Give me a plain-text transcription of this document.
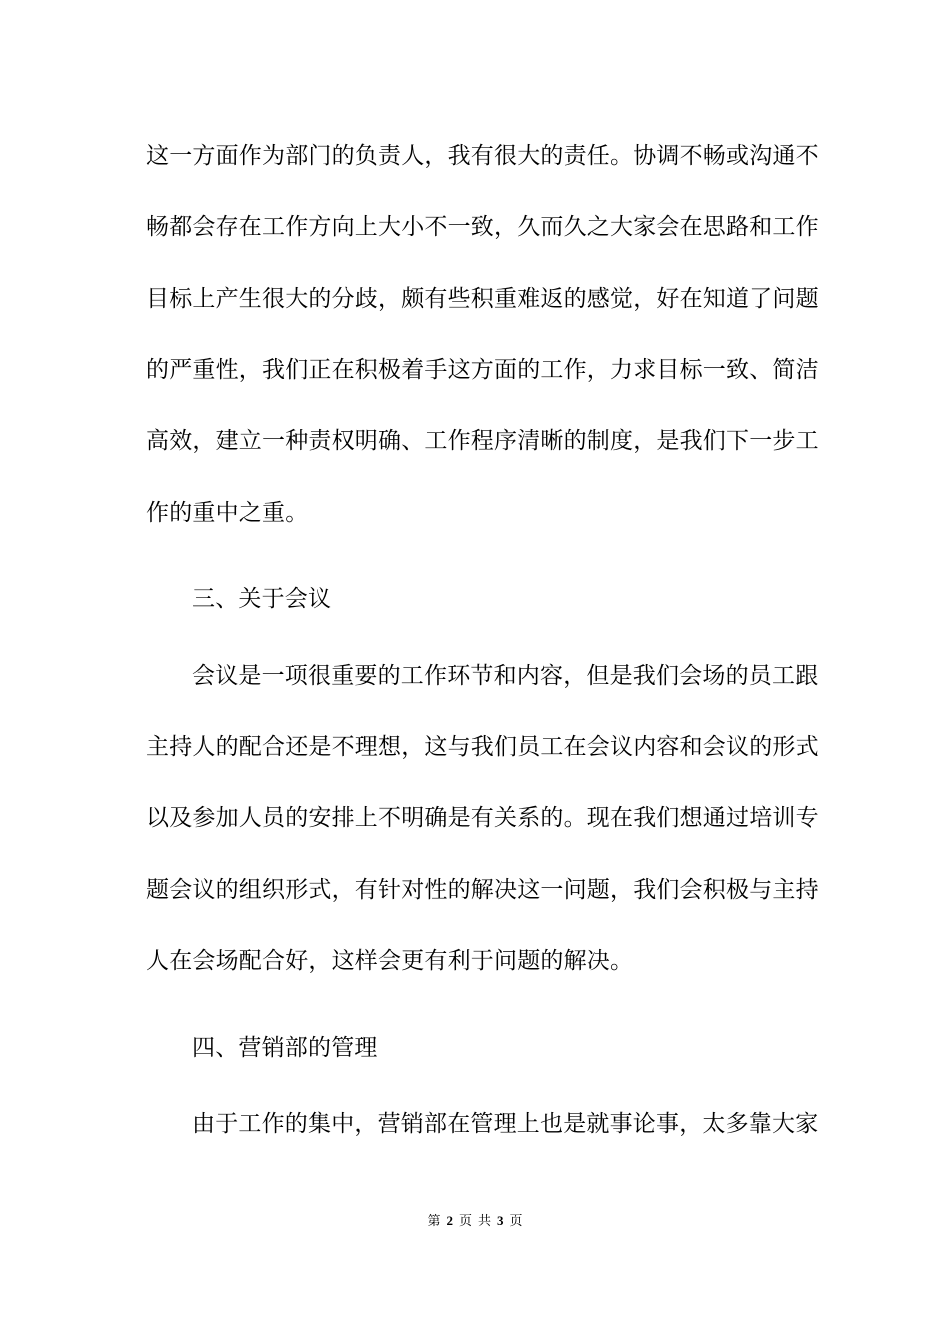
这一方面作为部门的负责人，我有很大的责任。协调不畅或沟通不
畅都会存在工作方向上大小不一致，久而久之大家会在思路和工作
目标上产生很大的分歧，颇有些积重难返的感觉，好在知道了问题
的严重性，我们正在积极着手这方面的工作，力求目标一致、简洁
高效，建立一种责权明确、工作程序清晰的制度，是我们下一步工
作的重中之重。
三、关于会议
会议是一项很重要的工作环节和内容，但是我们会场的员工跟
主持人的配合还是不理想，这与我们员工在会议内容和会议的形式
以及参加人员的安排上不明确是有关系的。现在我们想通过培训专
题会议的组织形式，有针对性的解决这一问题，我们会积极与主持
人在会场配合好，这样会更有利于问题的解决。
四、营销部的管理
由于工作的集中，营销部在管理上也是就事论事，太多靠大家
第 2 页 共 3 页
